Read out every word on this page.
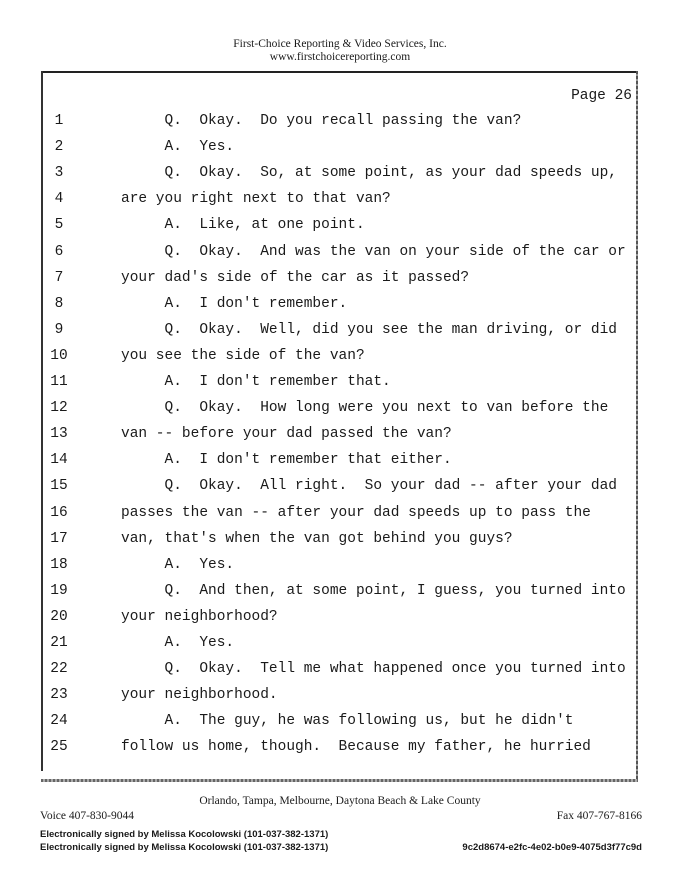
First-Choice Reporting & Video Services, Inc.
www.firstchoicereporting.com
Page 26
1	Q.  Okay.  Do you recall passing the van?
2	A.  Yes.
3	Q.  Okay.  So, at some point, as your dad speeds up,
4	are you right next to that van?
5	A.  Like, at one point.
6	Q.  Okay.  And was the van on your side of the car or
7	your dad's side of the car as it passed?
8	A.  I don't remember.
9	Q.  Okay.  Well, did you see the man driving, or did
10	you see the side of the van?
11	A.  I don't remember that.
12	Q.  Okay.  How long were you next to van before the
13	van -- before your dad passed the van?
14	A.  I don't remember that either.
15	Q.  Okay.  All right.  So your dad -- after your dad
16	passes the van -- after your dad speeds up to pass the
17	van, that's when the van got behind you guys?
18	A.  Yes.
19	Q.  And then, at some point, I guess, you turned into
20	your neighborhood?
21	A.  Yes.
22	Q.  Okay.  Tell me what happened once you turned into
23	your neighborhood.
24	A.  The guy, he was following us, but he didn't
25	follow us home, though.  Because my father, he hurried
Orlando, Tampa, Melbourne, Daytona Beach & Lake County
Voice 407-830-9044	Fax 407-767-8166
Electronically signed by Melissa Kocolowski (101-037-382-1371)
Electronically signed by Melissa Kocolowski (101-037-382-1371)	9c2d8674-e2fc-4e02-b0e9-4075d3f77c9d
